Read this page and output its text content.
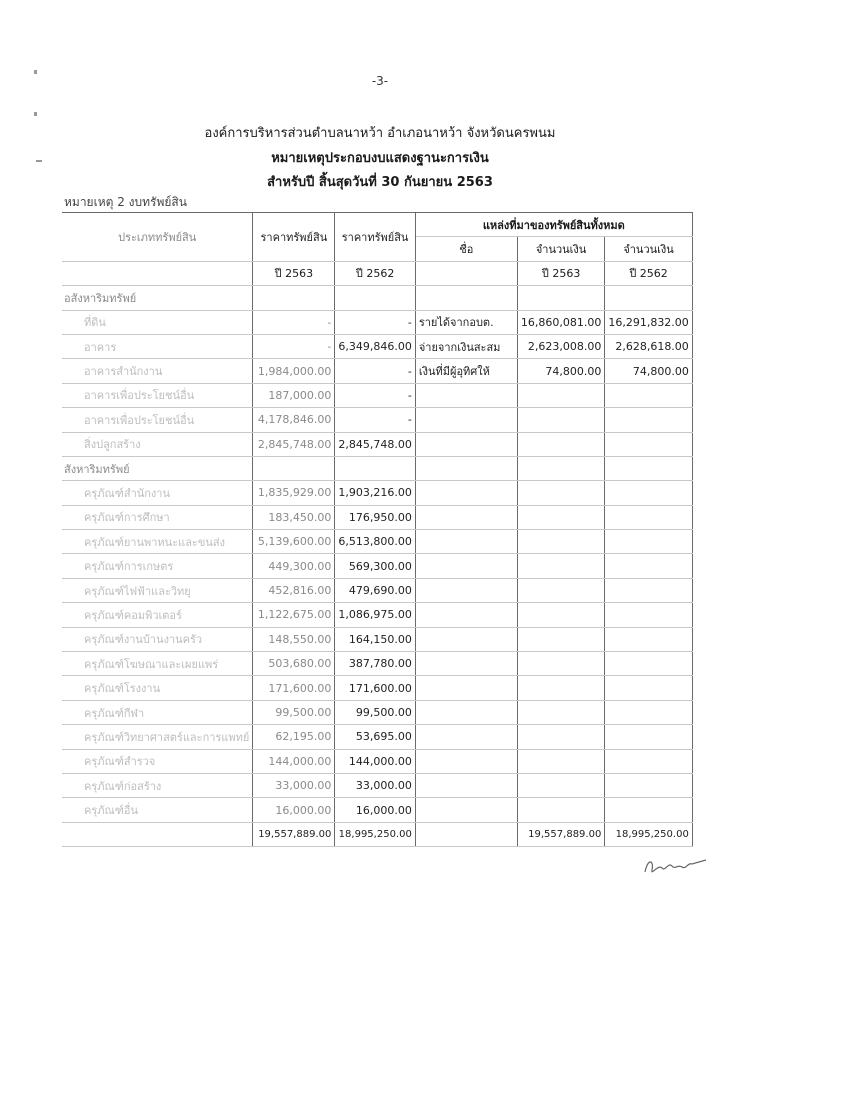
-3-
องค์การบริหารส่วนตำบลนาหว้า อำเภอนาหว้า จังหวัดนครพนม
หมายเหตุประกอบงบแสดงฐานะการเงิน
สำหรับปี สิ้นสุดวันที่ 30 กันยายน 2563
หมายเหตุ 2 งบทรัพย์สิน
ประเภททรัพย์สิน	ราคาทรัพย์สิน	ราคาทรัพย์สิน	แหล่งที่มาของทรัพย์สินทั้งหมด		
			ชื่อ	จำนวนเงิน	จำนวนเงิน
	ปี 2563	ปี 2562		ปี 2563	ปี 2562
อสังหาริมทรัพย์					
ที่ดิน	-	-	รายได้จากอบต.	16,860,081.00	16,291,832.00
อาคาร	-	6,349,846.00	จ่ายจากเงินสะสม	2,623,008.00	2,628,618.00
อาคารสำนักงาน	1,984,000.00	-	เงินที่มีผู้อุทิศให้	74,800.00	74,800.00
อาคารเพื่อประโยชน์อื่น	187,000.00	-			
อาคารเพื่อประโยชน์อื่น	4,178,846.00	-			
สิ่งปลูกสร้าง	2,845,748.00	2,845,748.00			
สังหาริมทรัพย์					
ครุภัณฑ์สำนักงาน	1,835,929.00	1,903,216.00			
ครุภัณฑ์การศึกษา	183,450.00	176,950.00			
ครุภัณฑ์ยานพาหนะและขนส่ง	5,139,600.00	6,513,800.00			
ครุภัณฑ์การเกษตร	449,300.00	569,300.00			
ครุภัณฑ์ไฟฟ้าและวิทยุ	452,816.00	479,690.00			
ครุภัณฑ์คอมพิวเตอร์	1,122,675.00	1,086,975.00			
ครุภัณฑ์งานบ้านงานครัว	148,550.00	164,150.00			
ครุภัณฑ์โฆษณาและเผยแพร่	503,680.00	387,780.00			
ครุภัณฑ์โรงงาน	171,600.00	171,600.00			
ครุภัณฑ์กีฬา	99,500.00	99,500.00			
ครุภัณฑ์วิทยาศาสตร์และการแพทย์	62,195.00	53,695.00			
ครุภัณฑ์สำรวจ	144,000.00	144,000.00			
ครุภัณฑ์ก่อสร้าง	33,000.00	33,000.00			
ครุภัณฑ์อื่น	16,000.00	16,000.00			
	19,557,889.00	18,995,250.00		19,557,889.00	18,995,250.00
